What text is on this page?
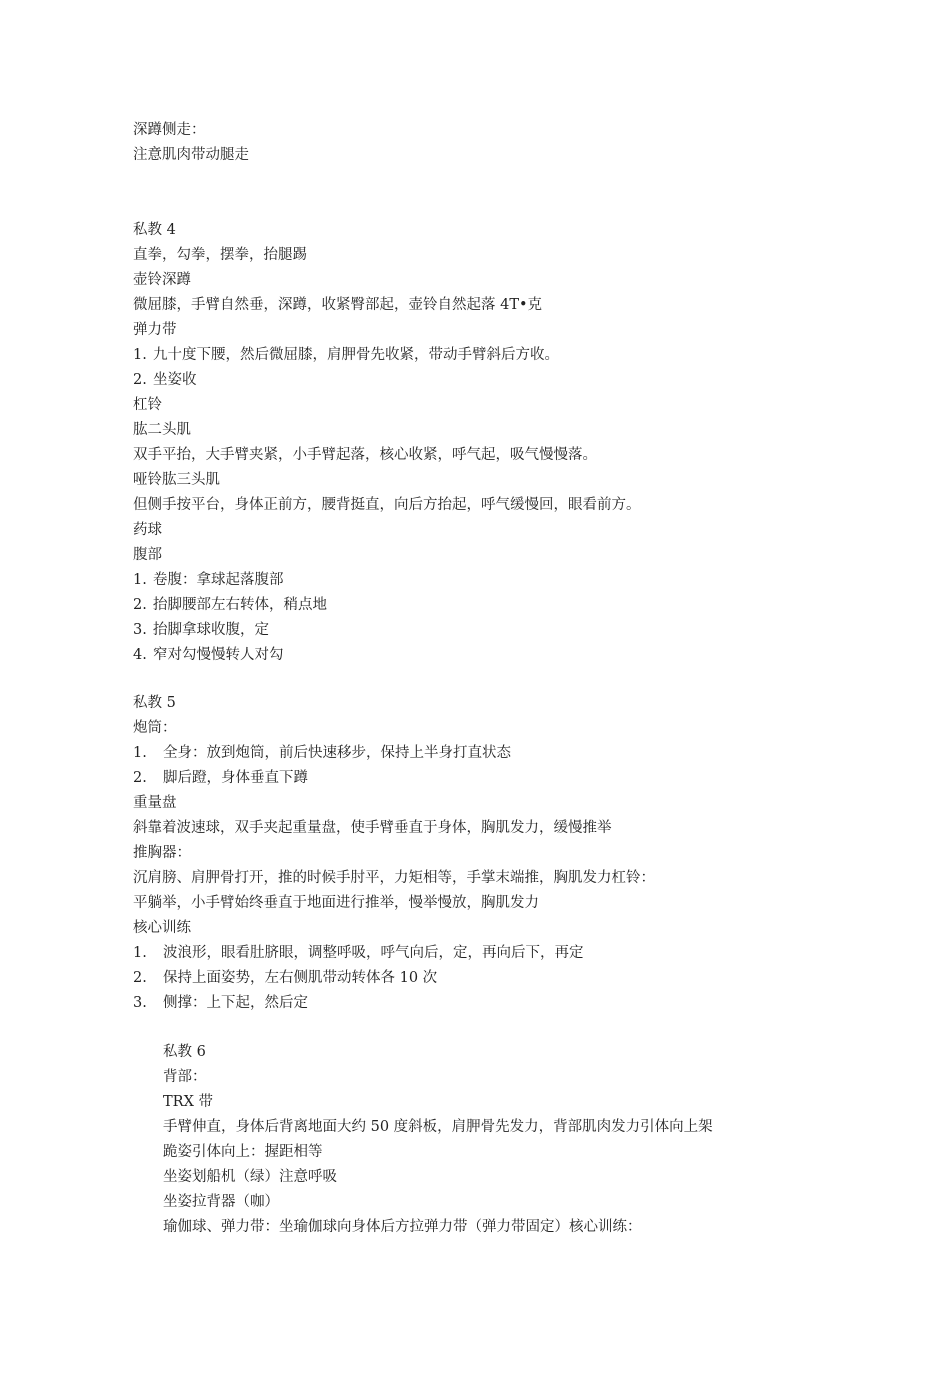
深蹲侧走：
注意肌肉带动腿走
私教 4
直拳，勾拳，摆拳，抬腿踢
壶铃深蹲
微屈膝，手臂自然垂，深蹲，收紧臀部起，壶铃自然起落 4T•克
弹力带
1. 九十度下腰，然后微屈膝，肩胛骨先收紧，带动手臂斜后方收。
2. 坐姿收
杠铃
肱二头肌
双手平抬，大手臂夹紧，小手臂起落，核心收紧，呼气起，吸气慢慢落。
哑铃肱三头肌
但侧手按平台，身体正前方，腰背挺直，向后方抬起，呼气缓慢回，眼看前方。
药球
腹部
1. 卷腹：拿球起落腹部
2. 抬脚腰部左右转体，稍点地
3. 抬脚拿球收腹，定
4. 窄对勾慢慢转人对勾
私教 5
炮筒：
1. 全身：放到炮筒，前后快速移步，保持上半身打直状态
2. 脚后蹬，身体垂直下蹲
重量盘
斜靠着波速球，双手夹起重量盘，使手臂垂直于身体，胸肌发力，缓慢推举
推胸器：
沉肩膀、肩胛骨打开，推的时候手肘平，力矩相等，手掌末端推，胸肌发力杠铃：
平躺举，小手臂始终垂直于地面进行推举，慢举慢放，胸肌发力
核心训练
1. 波浪形，眼看肚脐眼，调整呼吸，呼气向后，定，再向后下，再定
2. 保持上面姿势，左右侧肌带动转体各 10 次
3. 侧撑：上下起，然后定
私教 6
背部：
TRX 带
手臂伸直，身体后背离地面大约 50 度斜板，肩胛骨先发力，背部肌肉发力引体向上架
跪姿引体向上：握距相等
坐姿划船机（绿）注意呼吸
坐姿拉背器（咖）
瑜伽球、弹力带：坐瑜伽球向身体后方拉弹力带（弹力带固定）核心训练：
